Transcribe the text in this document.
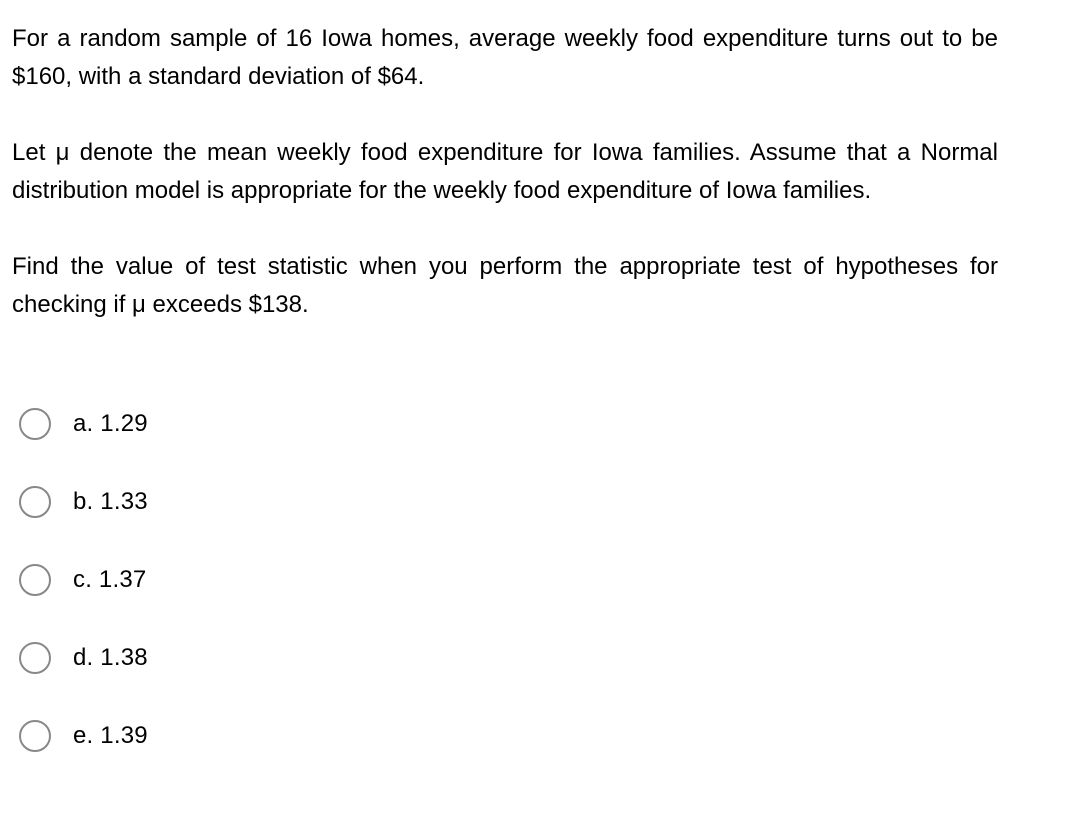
For a random sample of 16 Iowa homes, average weekly food expenditure turns out to be $160, with a standard deviation of $64.

Let μ denote the mean weekly food expenditure for Iowa families. Assume that a Normal distribution model is appropriate for the weekly food expenditure of Iowa families.

Find the value of test statistic when you perform the appropriate test of hypotheses for checking if μ exceeds $138.

a. 1.29
b. 1.33
c. 1.37
d. 1.38
e. 1.39
